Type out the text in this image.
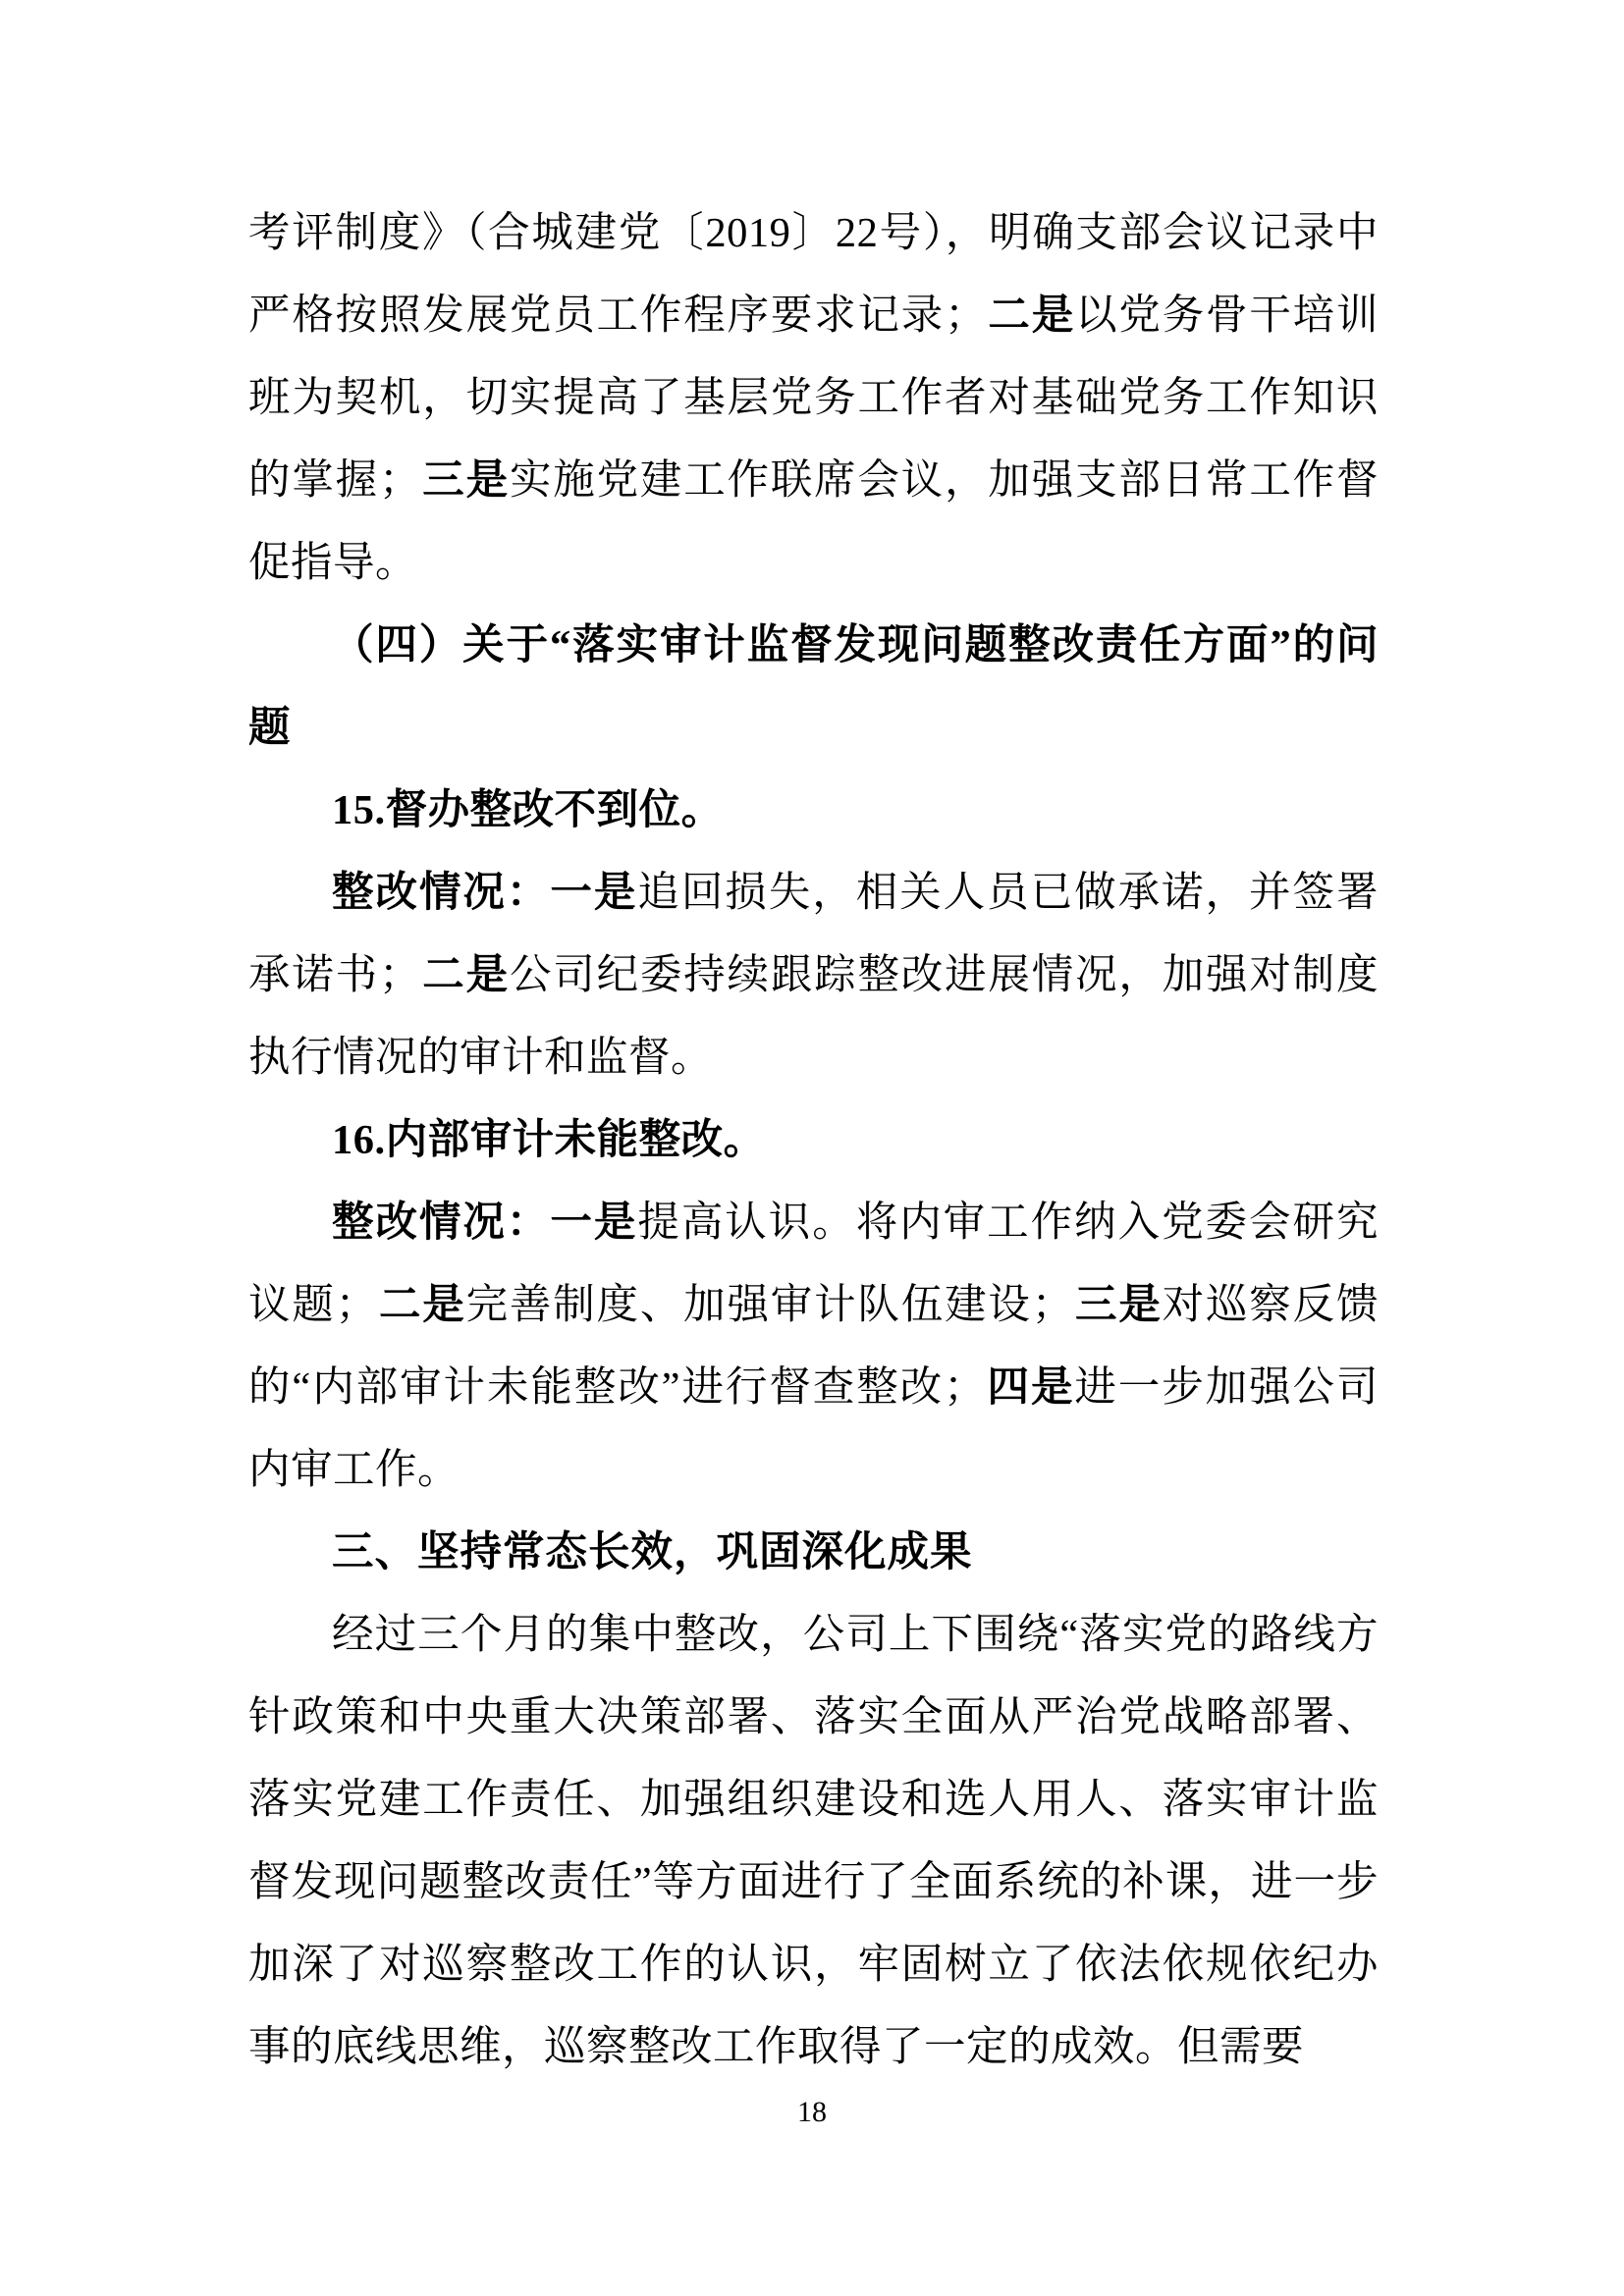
考评制度》（合城建党〔2019〕22号），明确支部会议记录中严格按照发展党员工作程序要求记录；二是以党务骨干培训班为契机，切实提高了基层党务工作者对基础党务工作知识的掌握；三是实施党建工作联席会议，加强支部日常工作督促指导。

（四）关于“落实审计监督发现问题整改责任方面”的问题

15.督办整改不到位。

整改情况：一是追回损失，相关人员已做承诺，并签署承诺书；二是公司纪委持续跟踪整改进展情况，加强对制度执行情况的审计和监督。

16.内部审计未能整改。

整改情况：一是提高认识。将内审工作纳入党委会研究议题；二是完善制度、加强审计队伍建设；三是对巡察反馈的“内部审计未能整改”进行督查整改；四是进一步加强公司内审工作。

三、坚持常态长效，巩固深化成果

经过三个月的集中整改，公司上下围绕“落实党的路线方针政策和中央重大决策部署、落实全面从严治党战略部署、落实党建工作责任、加强组织建设和选人用人、落实审计监督发现问题整改责任”等方面进行了全面系统的补课，进一步加深了对巡察整改工作的认识，牢固树立了依法依规依纪办事的底线思维，巡察整改工作取得了一定的成效。但需要

18
